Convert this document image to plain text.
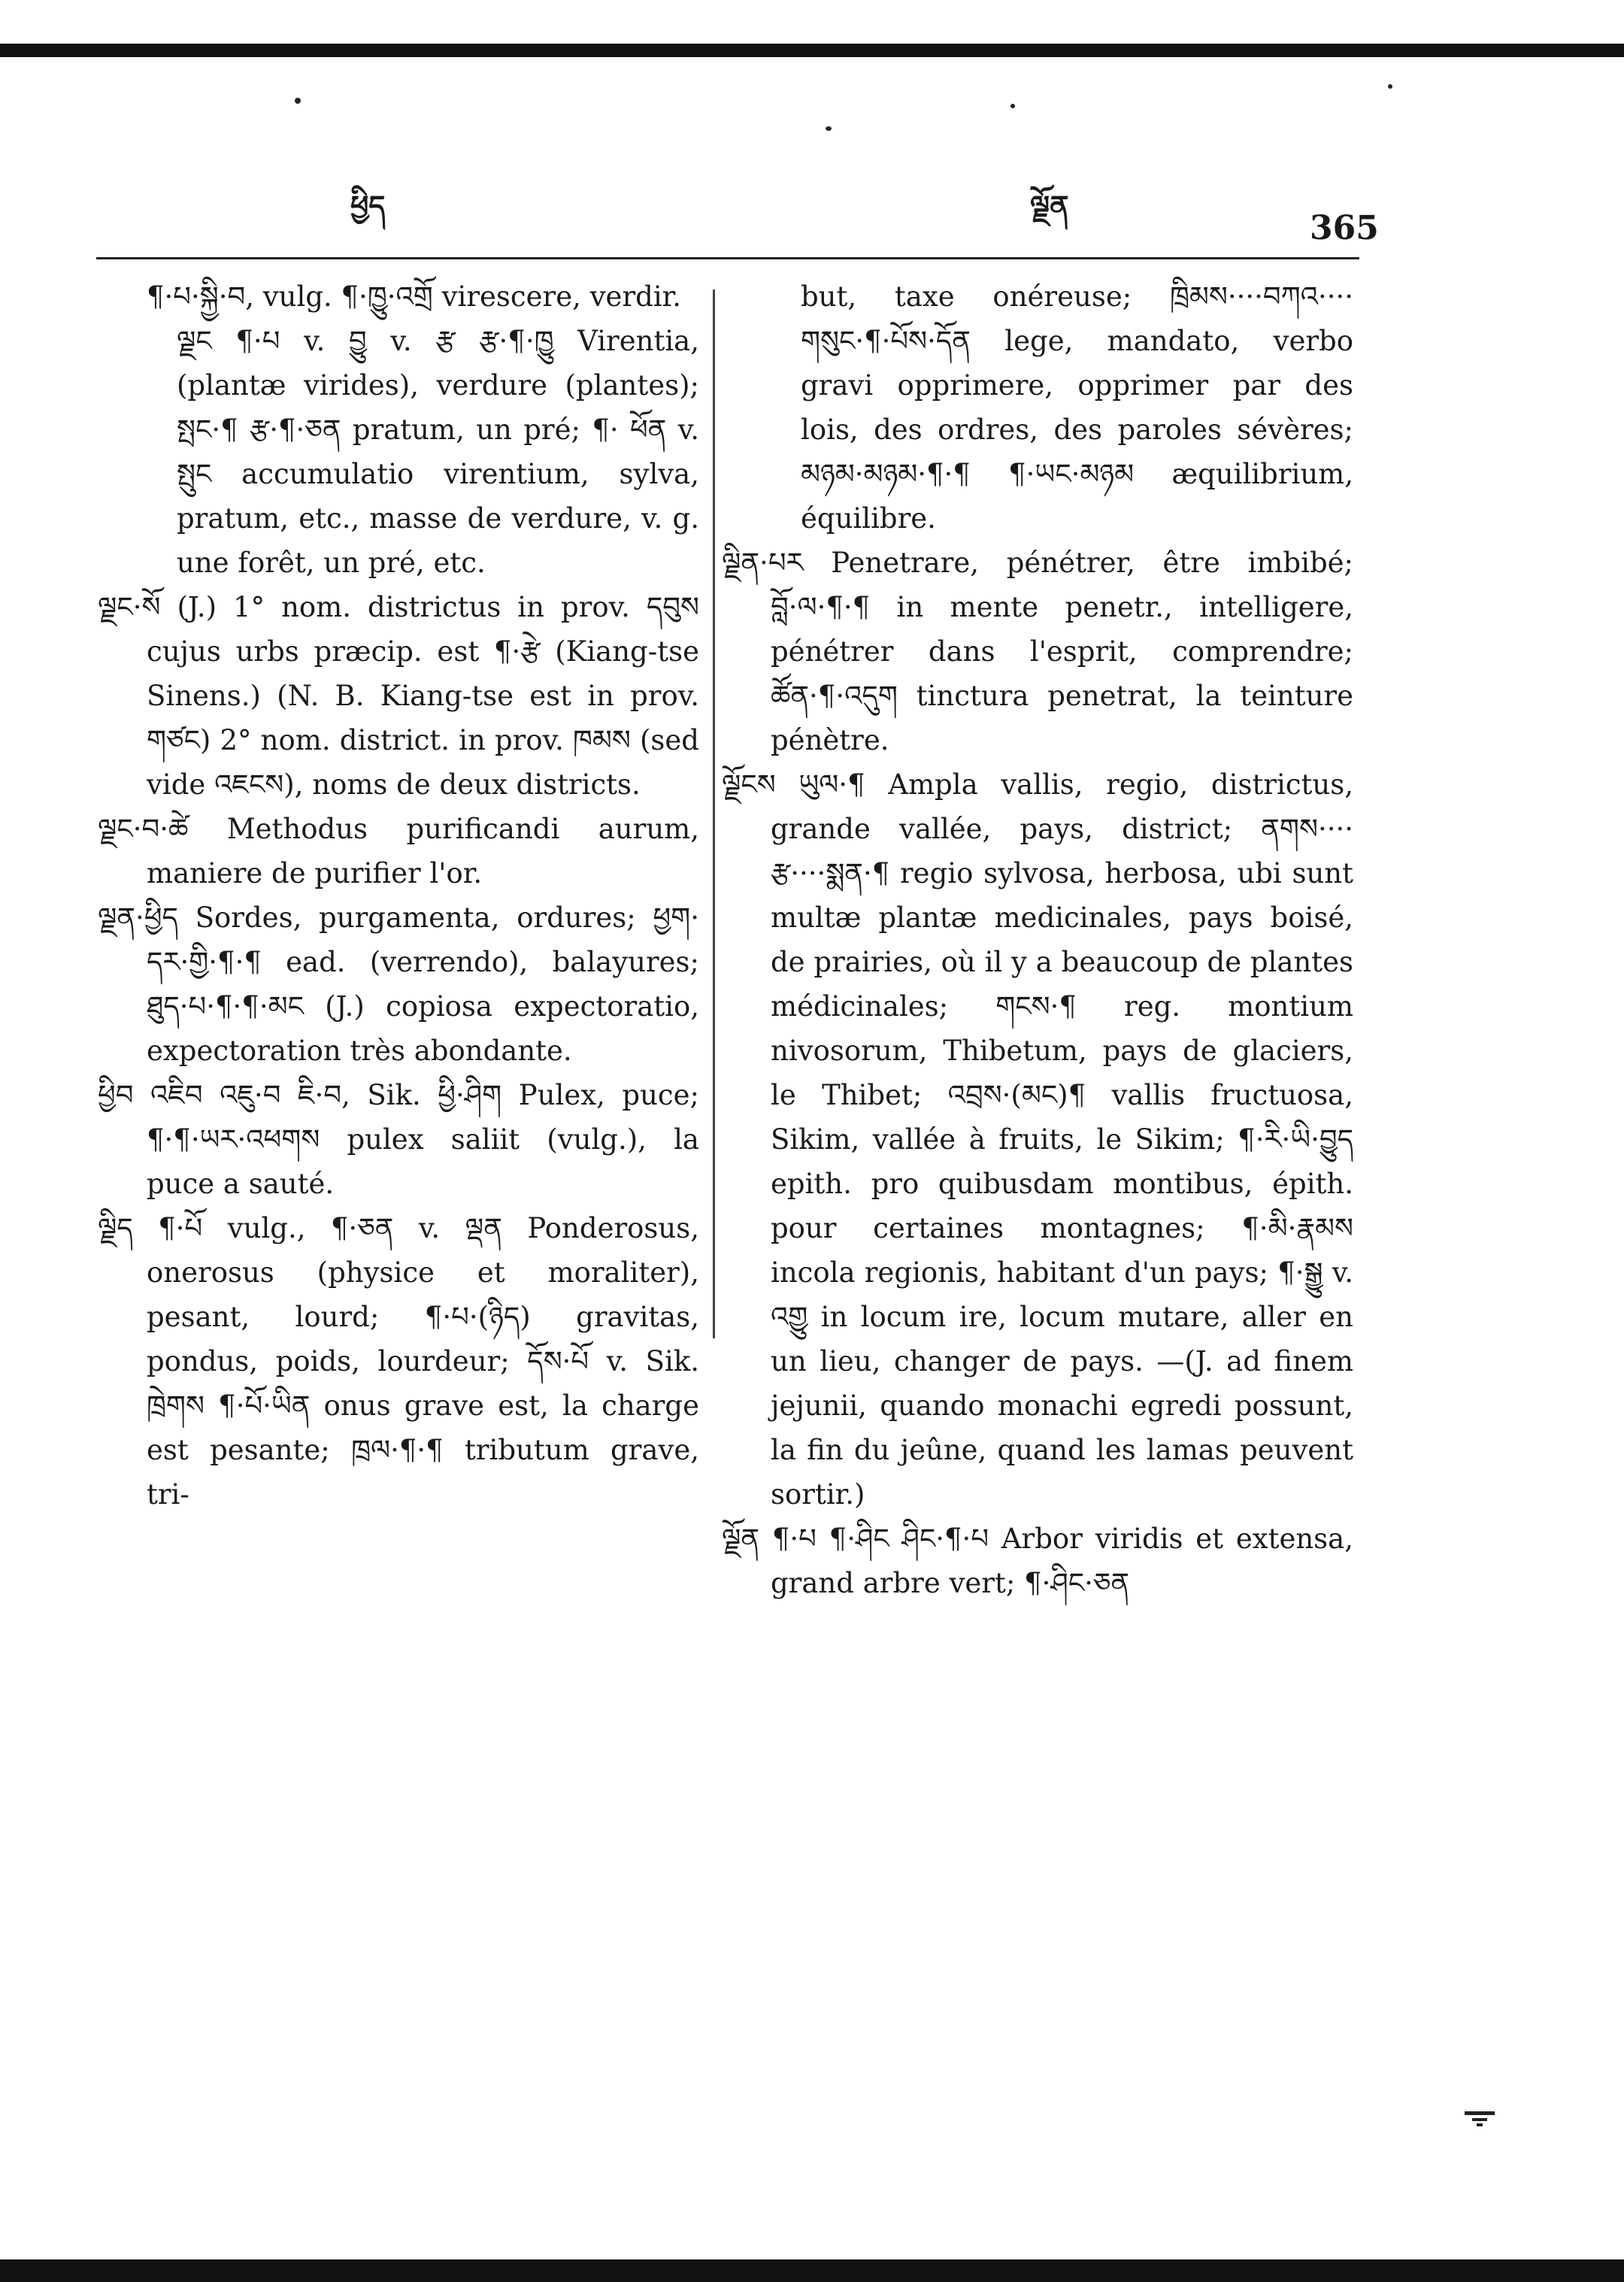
ཕྱིད	ལྗོན
365

¶·པ·སྐྱི·བ, vulg. ¶·ཁྱུ·འགྲོ virescere, verdir.

ལྗང ¶·པ v. བྱུ v. རྩ རྩ·¶·ཁྱུ Virentia, (plantæ virides), verdure (plantes); སྤང·¶ རྩ·¶·ཅན pratum, un pré; ¶· ཕོན v. སྤུང accumulatio virentium, sylva, pratum, etc., masse de verdure, v. g. une forêt, un pré, etc.

ལྗང·སོ (J.) 1° nom. districtus in prov. དབུས cujus urbs præcip. est ¶·རྩེ (Kiang-tse Sinens.) (N. B. Kiang-tse est in prov. གཙང) 2° nom. district. in prov. ཁམས (sed vide འཇངས), noms de deux districts.

ལྗང·བ·ཚེ Methodus purificandi aurum, maniere de purifier l'or.

ལྗན·ཕྱིད Sordes, purgamenta, ordures; ཕྱག· དར·གྱི·¶·¶ ead. (verrendo), balayures; ཐུད·པ·¶·¶·མང (J.) copiosa expectoratio, expectoration très abondante.

ཕྱིབ འཇིབ འཇུ·བ ཇི·བ, Sik. ཕྱི·ཤིག Pulex, puce; ¶·¶·ཡར·འཕགས pulex saliit (vulg.), la puce a sauté.

ལྗིད ¶·པོ vulg., ¶·ཅན v. ལྡན Ponderosus, onerosus (physice et moraliter), pesant, lourd; ¶·པ·(ཉིད) gravitas, pondus, poids, lourdeur; དོས·པོ v. Sik. ཁྲེགས ¶·པོ·ཡིན onus grave est, la charge est pesante; ཁྲལ·¶·¶ tributum grave, tri-

but, taxe onéreuse; ཁྲིམས····བཀའ···· གསུང·¶·པོས·དོན lege, mandato, verbo gravi opprimere, opprimer par des lois, des ordres, des paroles sévères; མཉམ·མཉམ·¶·¶ ¶·ཡང·མཉམ æquilibrium, équilibre.

ལྗིན·པར Penetrare, pénétrer, être imbibé; བློ·ལ·¶·¶ in mente penetr., intelligere, pénétrer dans l'esprit, comprendre; ཚོན·¶·འདུག tinctura penetrat, la teinture pénètre.

ལྗོངས ཡུལ·¶ Ampla vallis, regio, districtus, grande vallée, pays, district; ནགས···· རྩ····སྨན·¶ regio sylvosa, herbosa, ubi sunt multæ plantæ medicinales, pays boisé, de prairies, où il y a beaucoup de plantes médicinales; གངས·¶ reg. montium nivosorum, Thibetum, pays de glaciers, le Thibet; འབྲས·(མང)¶ vallis fructuosa, Sikim, vallée à fruits, le Sikim; ¶·རི·ཡི·བྱུད epith. pro quibusdam montibus, épith. pour certaines montagnes; ¶·མི·རྣམས incola regionis, habitant d'un pays; ¶·སྒྱུ v. འགྱུ in locum ire, locum mutare, aller en un lieu, changer de pays. —(J. ad finem jejunii, quando monachi egredi possunt, la fin du jeûne, quand les lamas peuvent sortir.)

ལྗོན ¶·པ ¶·ཤིང ཤིང·¶·པ Arbor viridis et extensa, grand arbre vert; ¶·ཤིང·ཅན
